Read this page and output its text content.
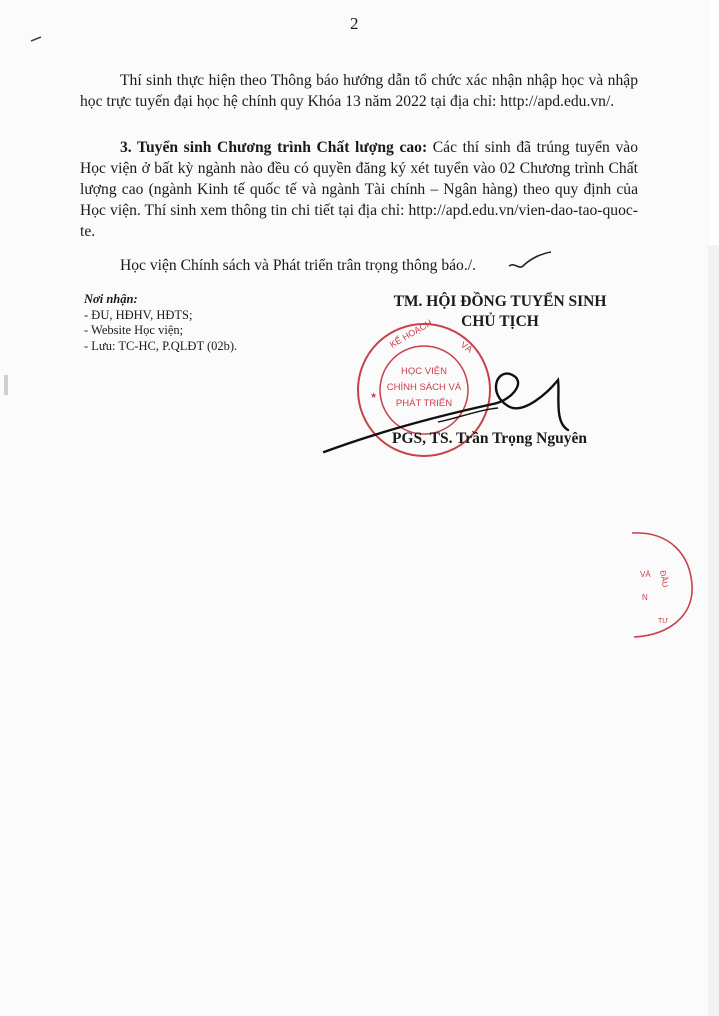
2

Thí sinh thực hiện theo Thông báo hướng dẫn tổ chức xác nhận nhập học và nhập học trực tuyến đại học hệ chính quy Khóa 13 năm 2022 tại địa chỉ: http://apd.edu.vn/.

3. Tuyển sinh Chương trình Chất lượng cao: Các thí sinh đã trúng tuyển vào Học viện ở bất kỳ ngành nào đều có quyền đăng ký xét tuyển vào 02 Chương trình Chất lượng cao (ngành Kinh tế quốc tế và ngành Tài chính – Ngân hàng) theo quy định của Học viện. Thí sinh xem thông tin chi tiết tại địa chỉ: http://apd.edu.vn/vien-dao-tao-quoc-te.

Học viện Chính sách và Phát triển trân trọng thông báo./.

Nơi nhận:
- ĐU, HĐHV, HĐTS;
- Website Học viện;
- Lưu: TC-HC, P.QLĐT (02b).
TM. HỘI ĐỒNG TUYỂN SINH
CHỦ TỊCH
KẾ HOẠCH	VÀ
HỌC VIỆN
CHÍNH SÁCH VÀ
PHÁT TRIỂN
★
PGS, TS. Trần Trọng Nguyên
VÀ ĐẦU
N
TƯ
